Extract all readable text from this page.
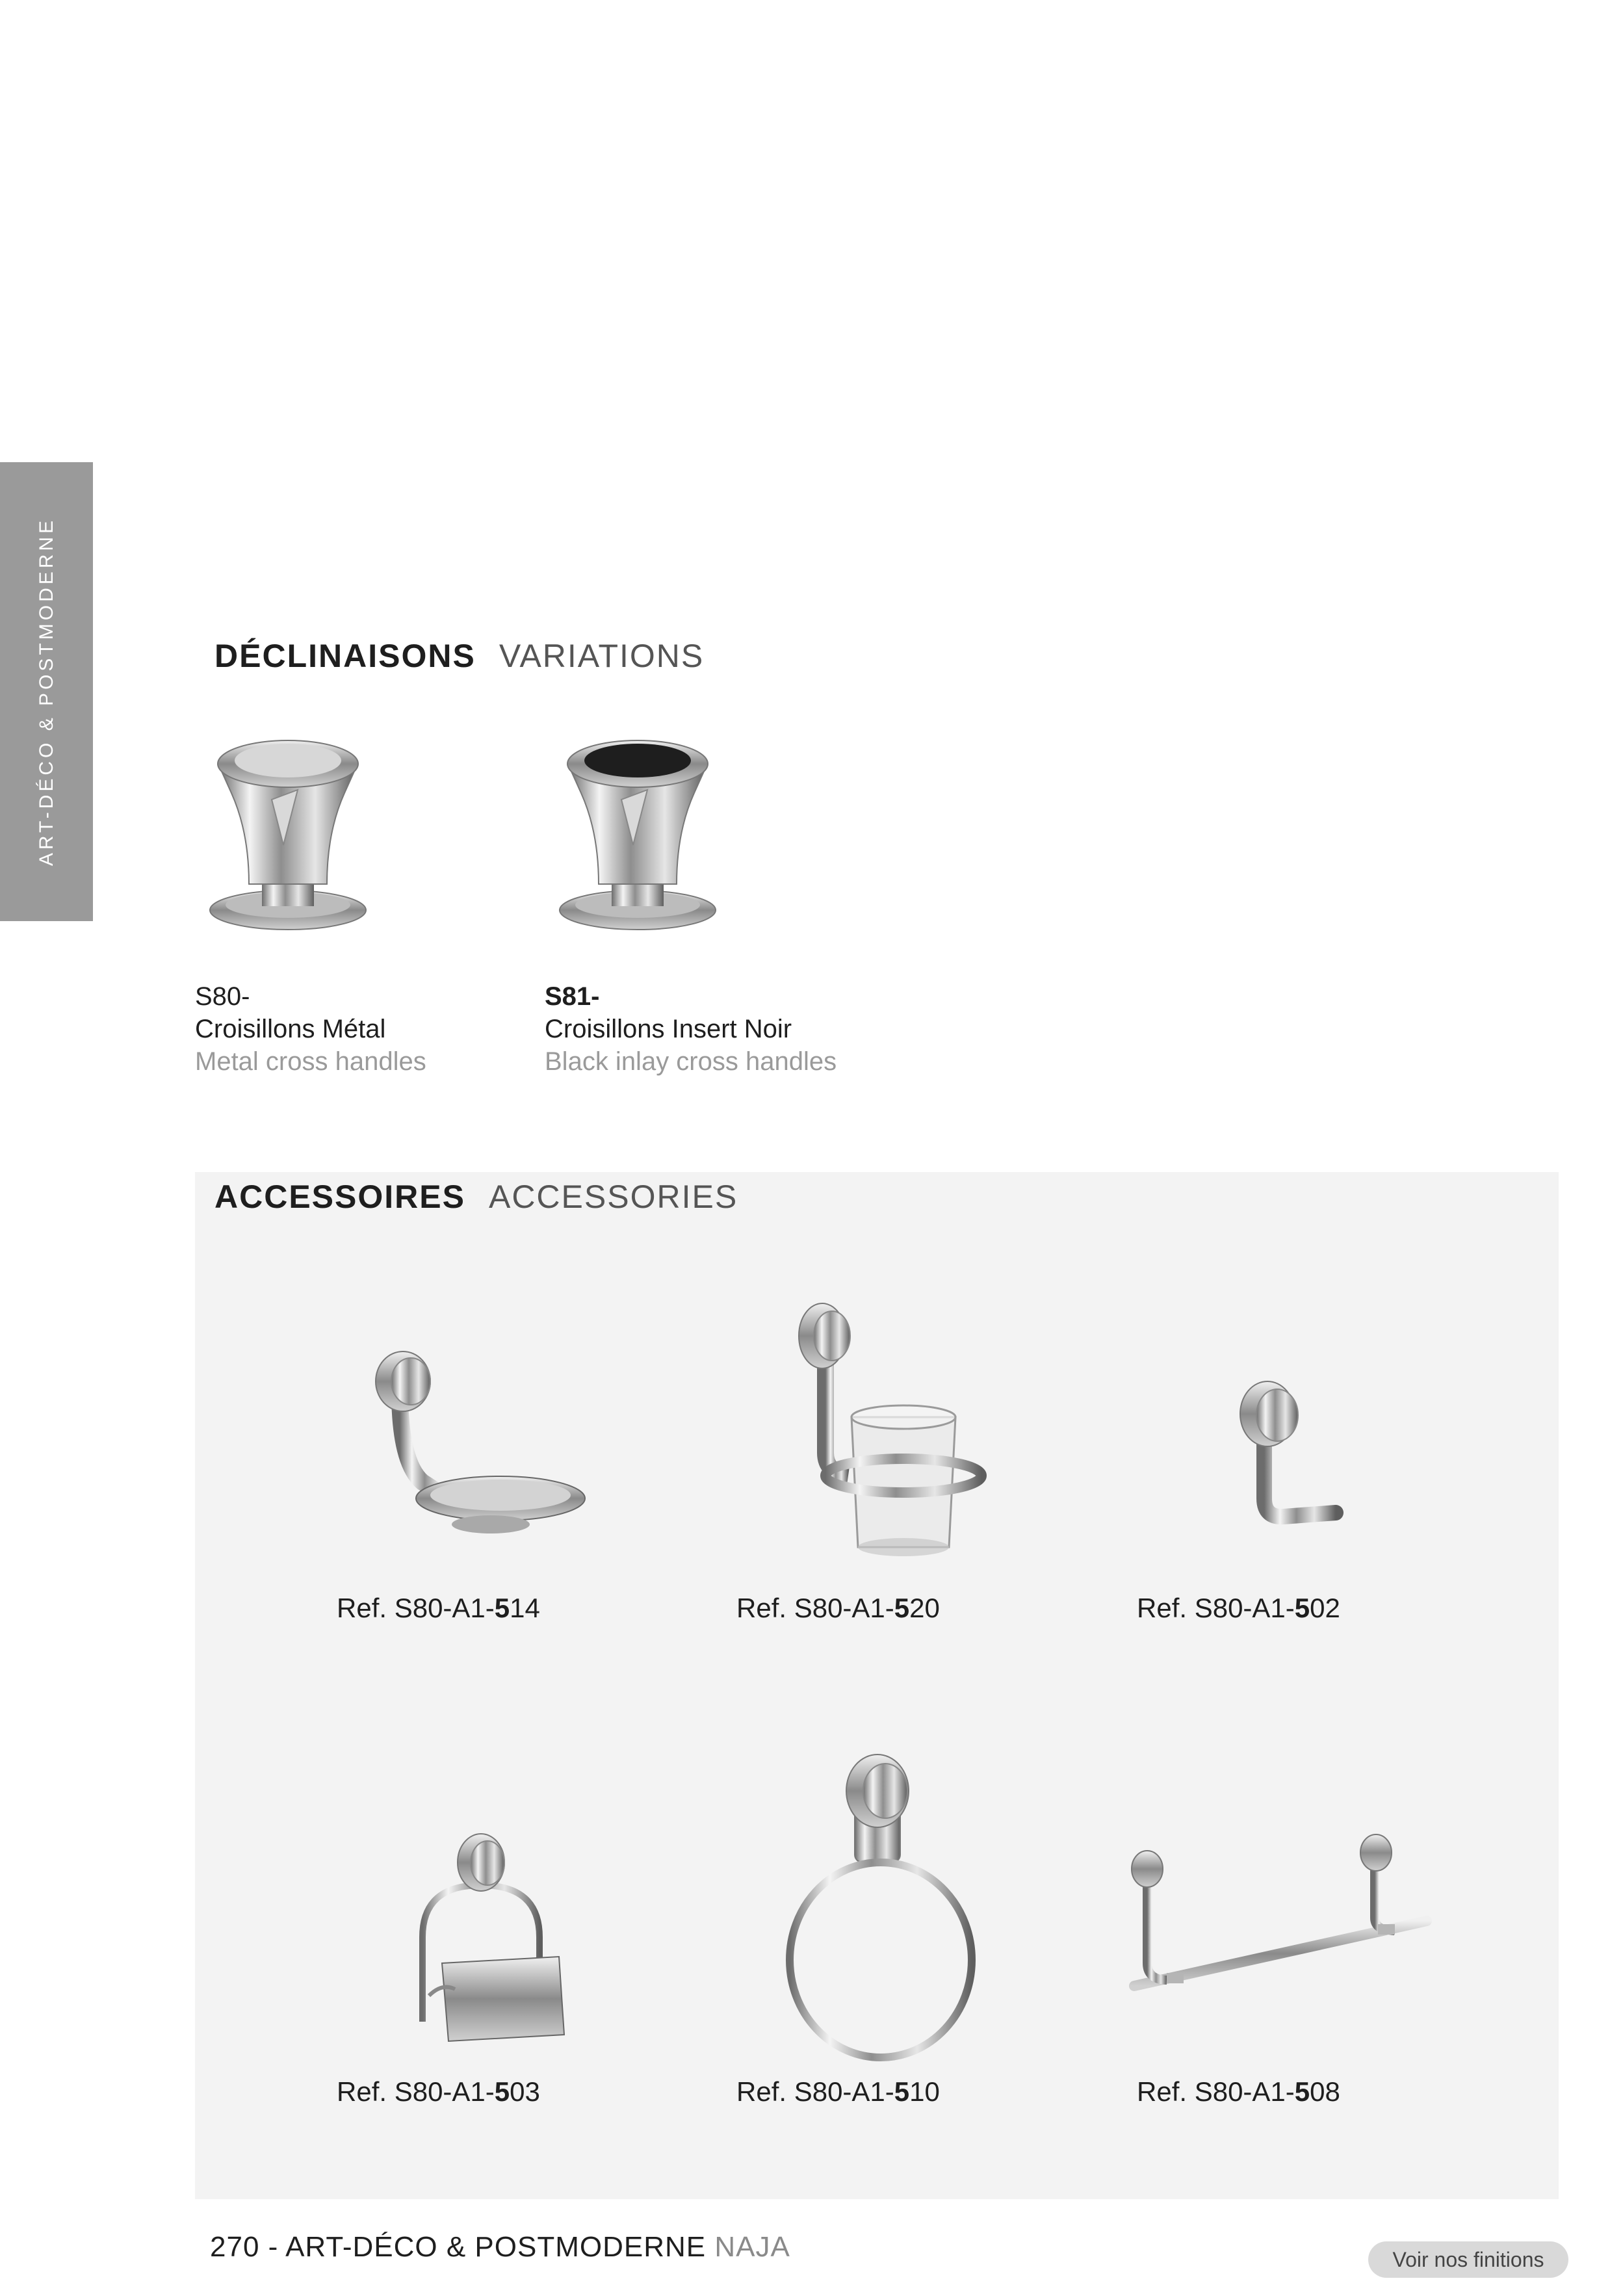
ART-DÉCO & POSTMODERNE	DÉCLINAISONS VARIATIONS
S80-
Croisillons Métal
Metal cross handles
S81-
Croisillons Insert Noir
Black inlay cross handles
ACCESSOIRES ACCESSORIES
Ref. S80-A1-514	Ref. S80-A1-520	Ref. S80-A1-502
Ref. S80-A1-503	Ref. S80-A1-510	Ref. S80-A1-508
270 - ART-DÉCO & POSTMODERNE NAJA	Voir nos finitions
